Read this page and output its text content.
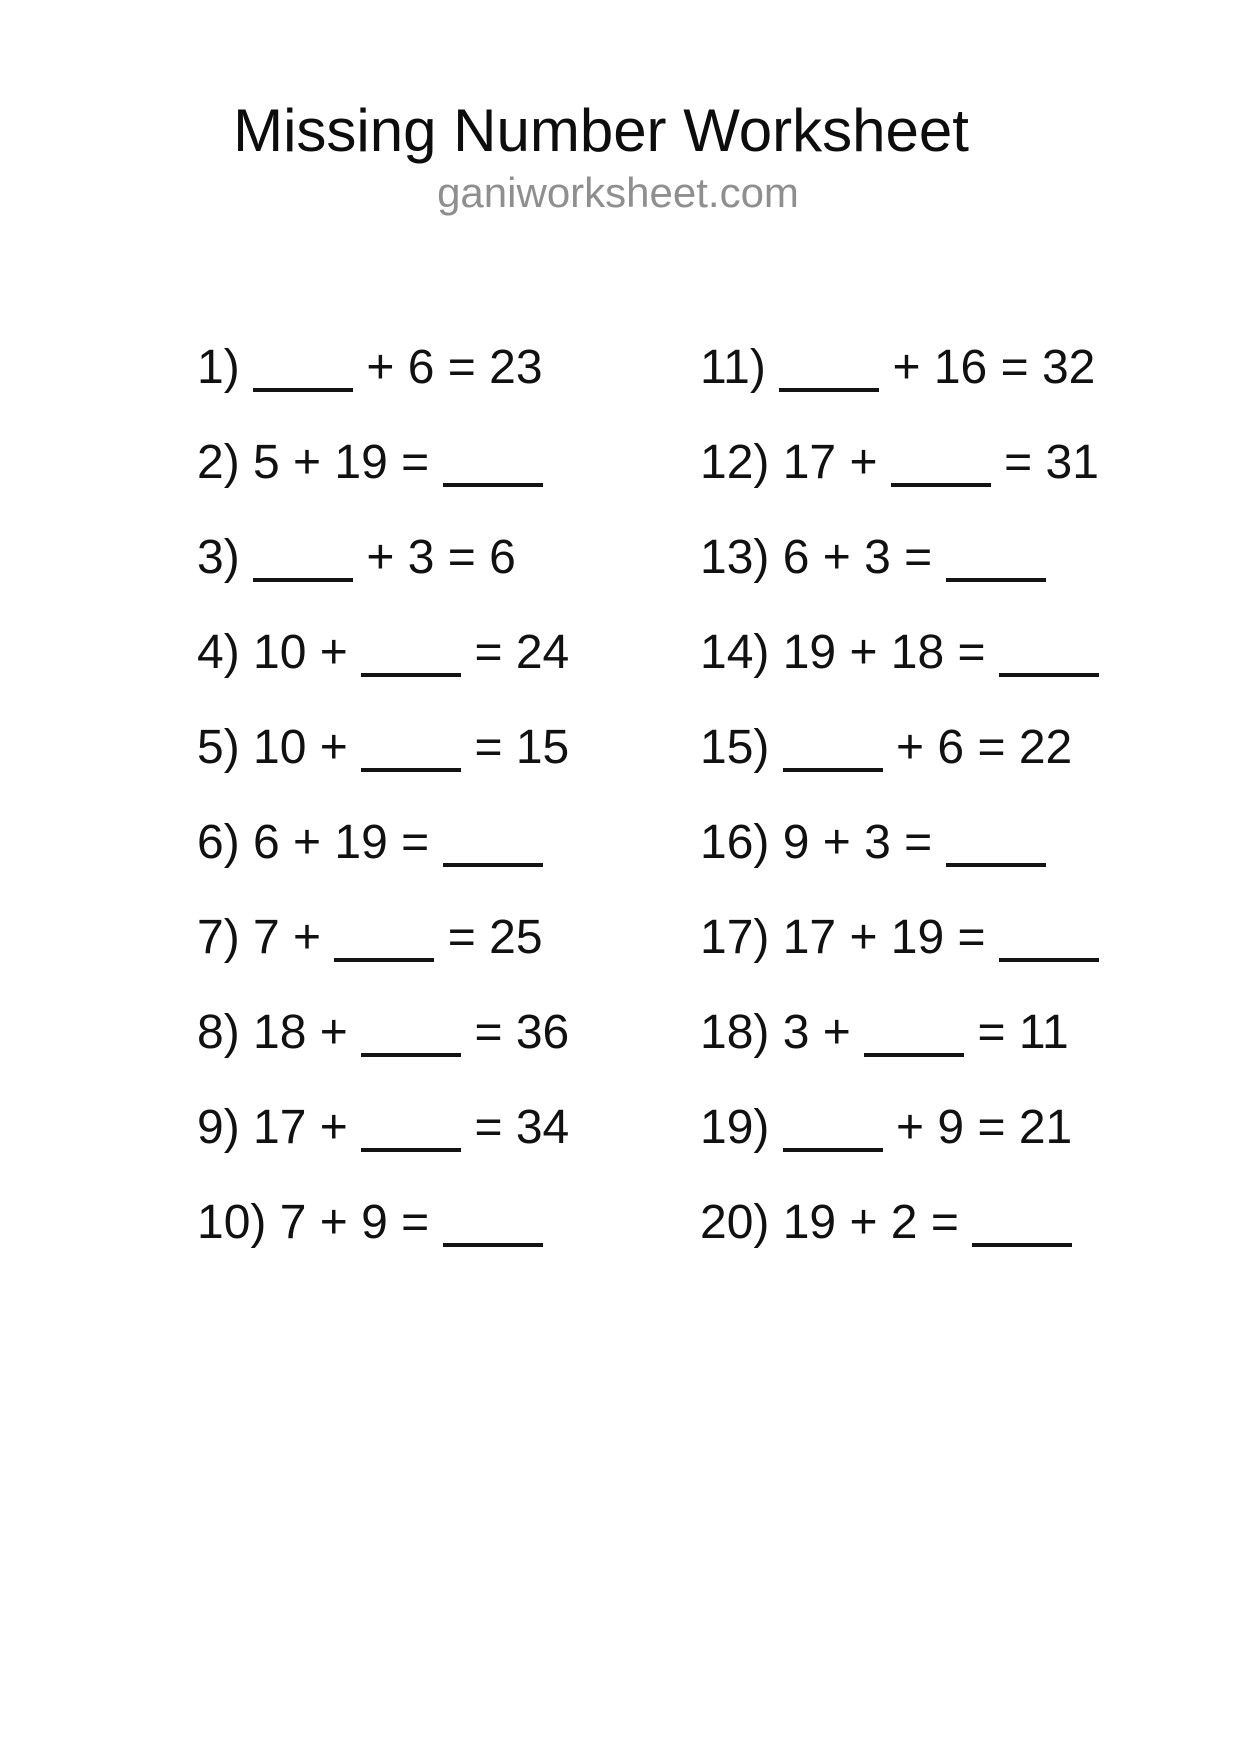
Missing Number Worksheet
ganiworksheet.com
1)  + 6 = 23
2) 5 + 19 =
3)  + 3 = 6
4) 10 +  = 24
5) 10 +  = 15
6) 6 + 19 =
7) 7 +  = 25
8) 18 +  = 36
9) 17 +  = 34
10) 7 + 9 =
11)  + 16 = 32
12) 17 +  = 31
13) 6 + 3 =
14) 19 + 18 =
15)  + 6 = 22
16) 9 + 3 =
17) 17 + 19 =
18) 3 +  = 11
19)  + 9 = 21
20) 19 + 2 =
